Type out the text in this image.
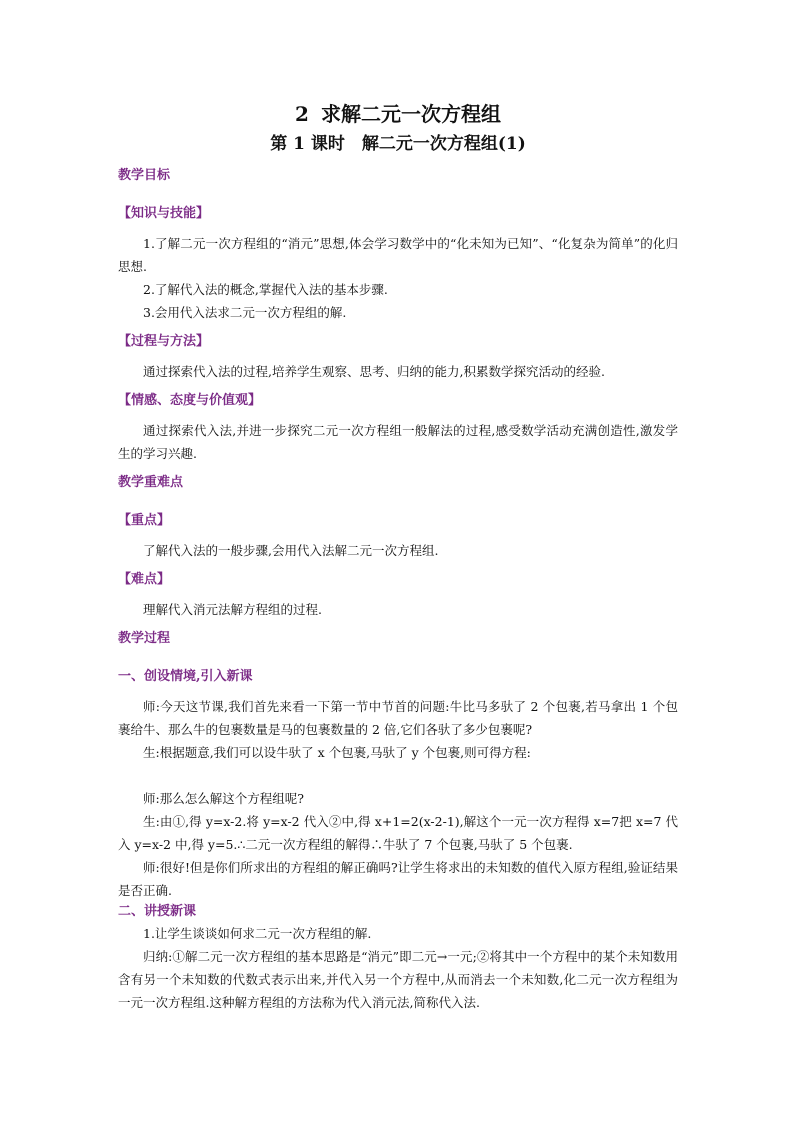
2 求解二元一次方程组
第 1 课时　解二元一次方程组(1)

教学目标

【知识与技能】

1.了解二元一次方程组的“消元”思想,体会学习数学中的“化未知为已知”、“化复杂为简单”的化归思想.

2.了解代入法的概念,掌握代入法的基本步骤.

3.会用代入法求二元一次方程组的解.

【过程与方法】

通过探索代入法的过程,培养学生观察、思考、归纳的能力,积累数学探究活动的经验.

【情感、态度与价值观】

通过探索代入法,并进一步探究二元一次方程组一般解法的过程,感受数学活动充满创造性,激发学生的学习兴趣.

教学重难点

【重点】

了解代入法的一般步骤,会用代入法解二元一次方程组.

【难点】

理解代入消元法解方程组的过程.

教学过程

一、创设情境,引入新课

师:今天这节课,我们首先来看一下第一节中节首的问题:牛比马多驮了 2 个包裹,若马拿出 1 个包裹给牛、那么牛的包裹数量是马的包裹数量的 2 倍,它们各驮了多少包裹呢?

生:根据题意,我们可以设牛驮了 x 个包裹,马驮了 y 个包裹,则可得方程:

师:那么怎么解这个方程组呢?

生:由①,得 y=x-2.将 y=x-2 代入②中,得 x+1=2(x-2-1),解这个一元一次方程得 x=7把 x=7 代入 y=x-2 中,得 y=5.∴二元一次方程组的解得∴牛驮了 7 个包裹,马驮了 5 个包裹.

师:很好!但是你们所求出的方程组的解正确吗?让学生将求出的未知数的值代入原方程组,验证结果是否正确.

二、讲授新课

1.让学生谈谈如何求二元一次方程组的解.

归纳:①解二元一次方程组的基本思路是“消元”即二元→一元;②将其中一个方程中的某个未知数用含有另一个未知数的代数式表示出来,并代入另一个方程中,从而消去一个未知数,化二元一次方程组为一元一次方程组.这种解方程组的方法称为代入消元法,简称代入法.
